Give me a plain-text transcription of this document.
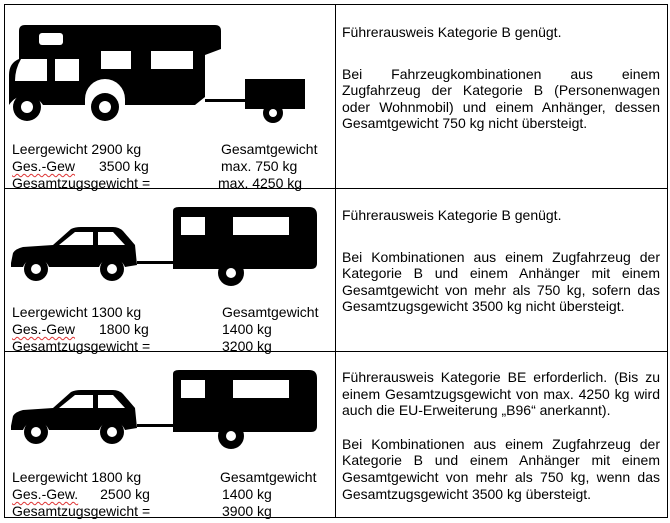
Leergewicht 2900 kg
Ges.-Gew 3500 kg
Gesamtzugsgewicht =
Gesamtgewicht
max. 750 kg
max. 4250 kg

Führerausweis Kategorie B genügt.

Bei Fahrzeugkombinationen aus einem Zugfahrzeug der Kategorie B (Personenwagen oder Wohnmobil) und einem Anhänger, dessen Gesamtgewicht 750 kg nicht übersteigt.

Leergewicht 1300 kg
Ges.-Gew 1800 kg
Gesamtzugsgewicht =
Gesamtgewicht
1400 kg
3200 kg

Führerausweis Kategorie B genügt.

Bei Kombinationen aus einem Zugfahrzeug der Kategorie B und einem Anhänger mit einem Gesamtgewicht von mehr als 750 kg, sofern das Gesamtzugsgewicht 3500 kg nicht übersteigt.

Leergewicht 1800 kg
Ges.-Gew. 2500 kg
Gesamtzugsgewicht =
Gesamtgewicht
1400 kg
3900 kg

Führerausweis Kategorie BE erforderlich. (Bis zu einem Gesamtzugsgewicht von max. 4250 kg wird auch die EU-Erweiterung „B96“ anerkannt).

Bei Kombinationen aus einem Zugfahrzeug der Kategorie B und einem Anhänger mit einem Gesamtgewicht von mehr als 750 kg, wenn das Gesamtzugsgewicht 3500 kg übersteigt.
